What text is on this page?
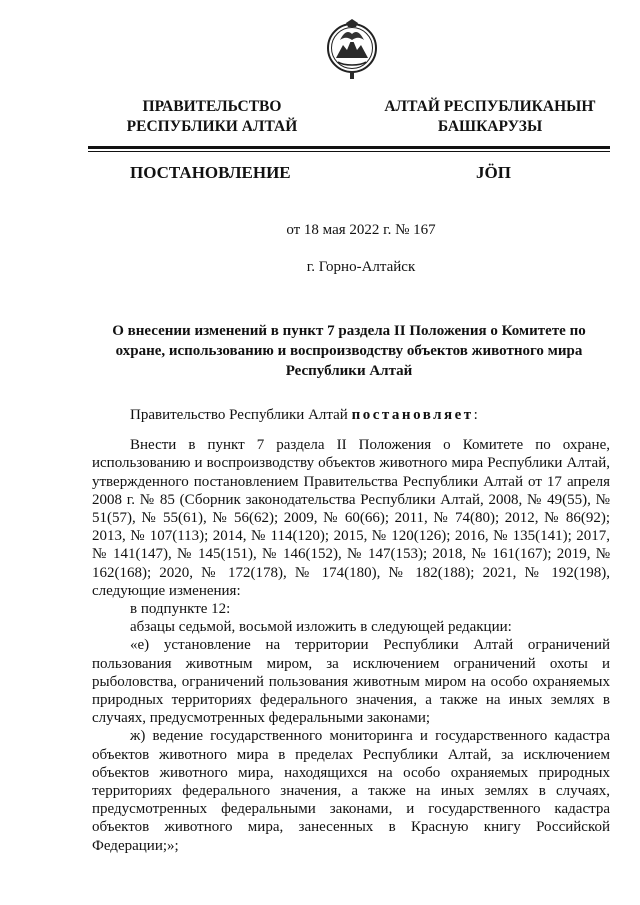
ПРАВИТЕЛЬСТВО
РЕСПУБЛИКИ АЛТАЙ
АЛТАЙ РЕСПУБЛИКАНЫҤ
БАШКАРУЗЫ
ПОСТАНОВЛЕНИЕ	ЈӦП
от 18 мая 2022 г. № 167
г. Горно-Алтайск
О внесении изменений в пункт 7 раздела II Положения о Комитете по
охране, использованию и воспроизводству объектов животного мира
Республики Алтай

Правительство Республики Алтай постановляет:

Внести в пункт 7 раздела II Положения о Комитете по охране, использованию и воспроизводству объектов животного мира Республики Алтай, утвержденного постановлением Правительства Республики Алтай от 17 апреля 2008 г. № 85 (Сборник законодательства Республики Алтай, 2008, № 49(55), № 51(57), № 55(61), № 56(62); 2009, № 60(66); 2011, № 74(80); 2012, № 86(92); 2013, № 107(113); 2014, № 114(120); 2015, № 120(126); 2016, № 135(141); 2017, № 141(147), № 145(151), № 146(152), № 147(153); 2018, № 161(167); 2019, № 162(168); 2020, № 172(178), № 174(180), № 182(188); 2021, № 192(198), следующие изменения:

в подпункте 12:

абзацы седьмой, восьмой изложить в следующей редакции:

«е) установление на территории Республики Алтай ограничений пользования животным миром, за исключением ограничений охоты и рыболовства, ограничений пользования животным миром на особо охраняемых природных территориях федерального значения, а также на иных землях в случаях, предусмотренных федеральными законами;

ж) ведение государственного мониторинга и государственного кадастра объектов животного мира в пределах Республики Алтай, за исключением объектов животного мира, находящихся на особо охраняемых природных территориях федерального значения, а также на иных землях в случаях, предусмотренных федеральными законами, и государственного кадастра объектов животного мира, занесенных в Красную книгу Российской Федерации;»;
